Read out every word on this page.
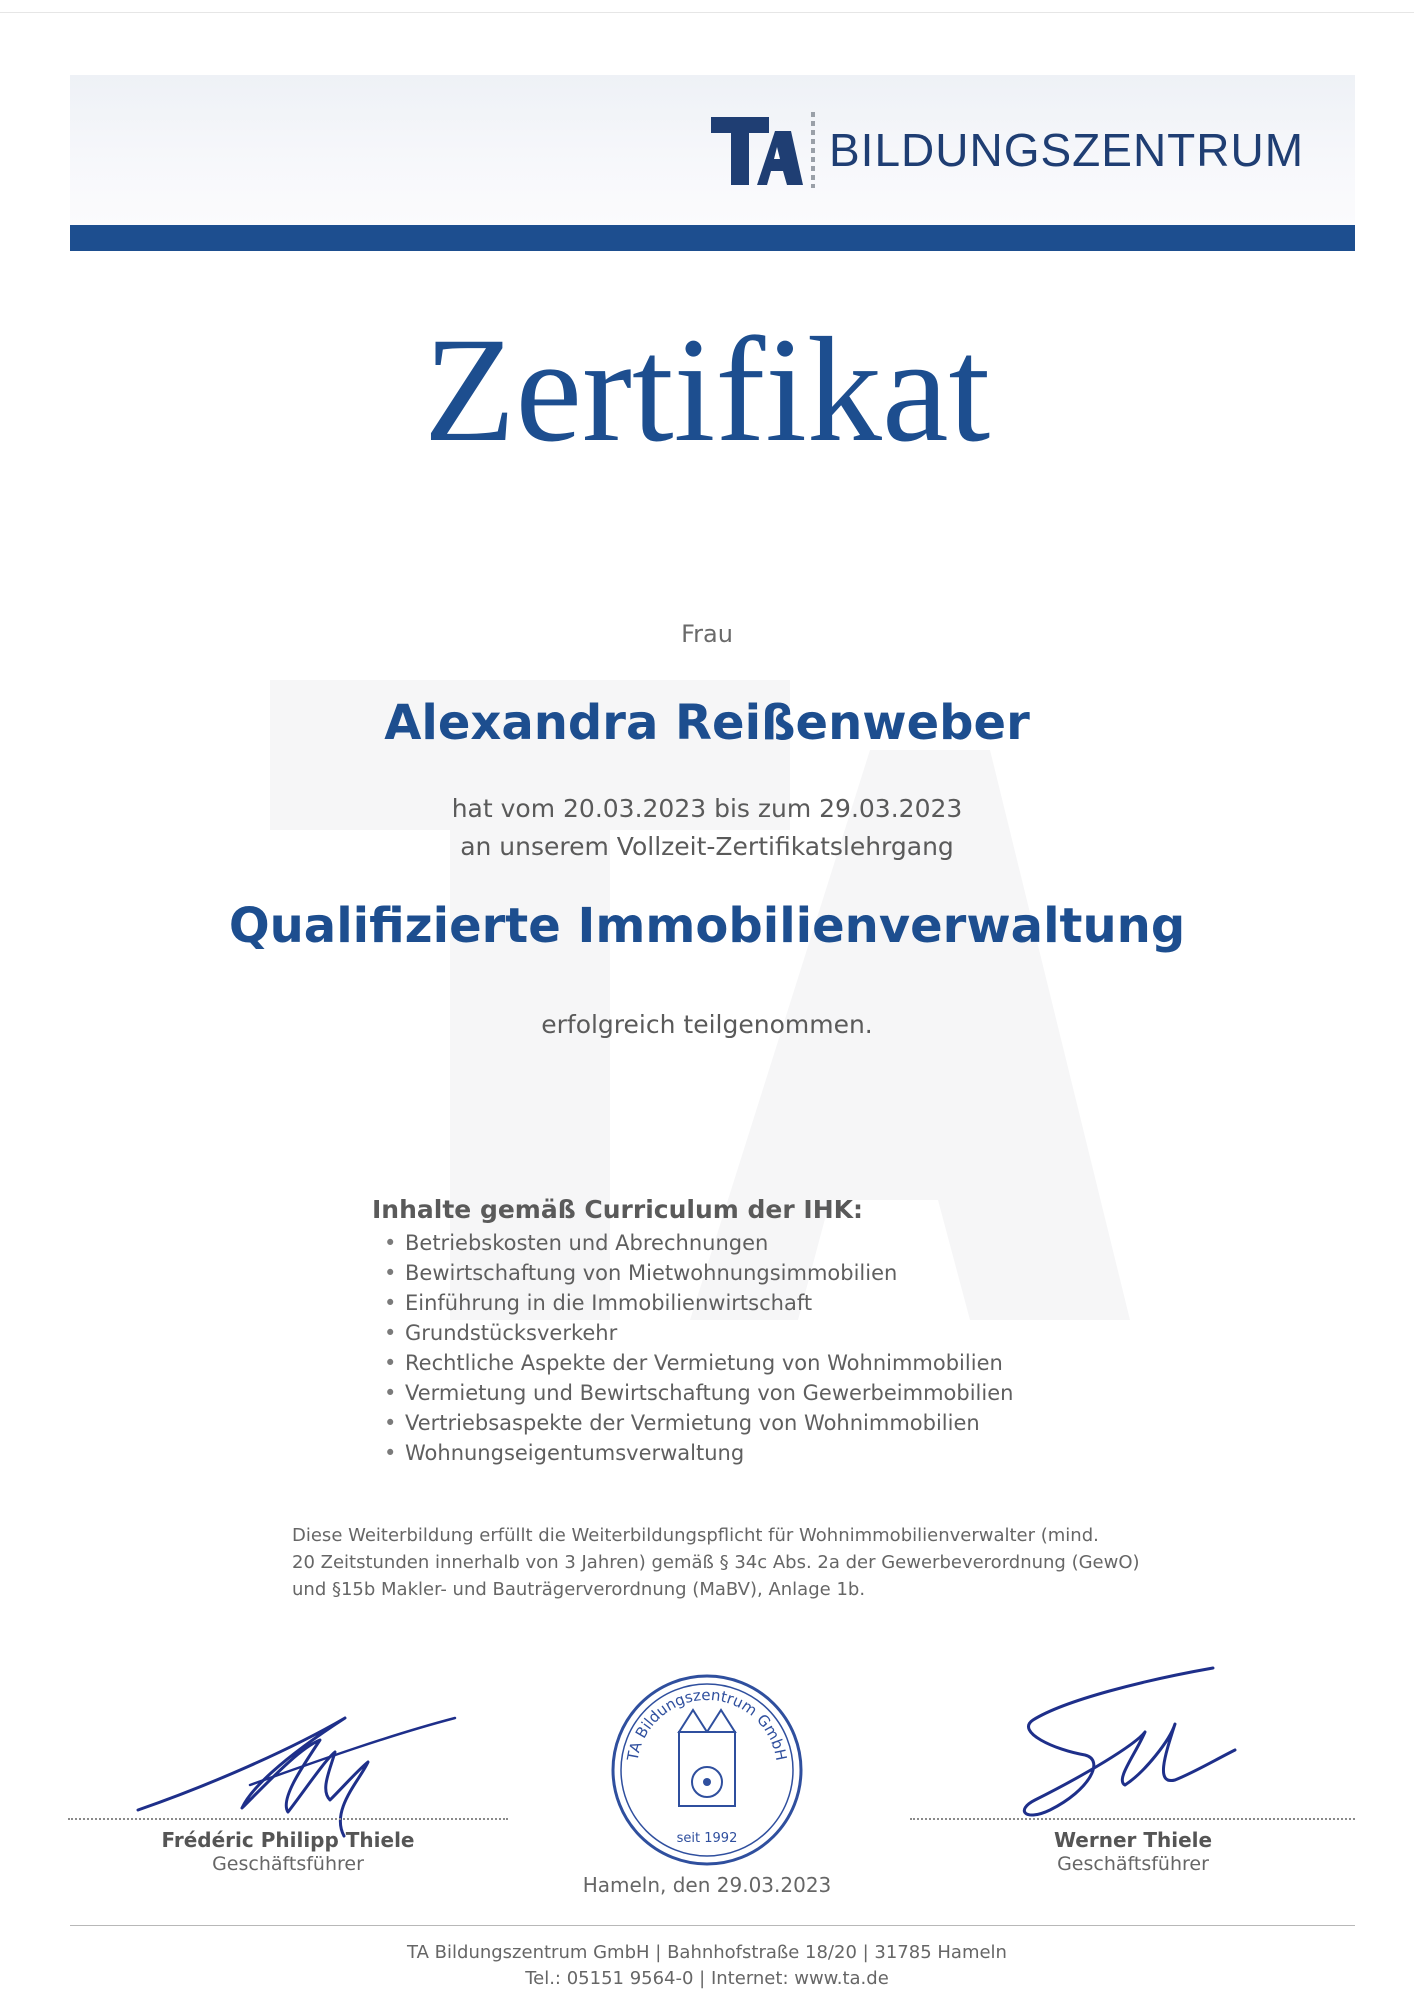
BILDUNGSZENTRUM
Zertifikat
Frau
Alexandra Reißenweber
hat vom 20.03.2023 bis zum 29.03.2023
an unserem Vollzeit-Zertifikatslehrgang
Qualifizierte Immobilienverwaltung
erfolgreich teilgenommen.
Inhalte gemäß Curriculum der IHK:
• Betriebskosten und Abrechnungen
• Bewirtschaftung von Mietwohnungsimmobilien
• Einführung in die Immobilienwirtschaft
• Grundstücksverkehr
• Rechtliche Aspekte der Vermietung von Wohnimmobilien
• Vermietung und Bewirtschaftung von Gewerbeimmobilien
• Vertriebsaspekte der Vermietung von Wohnimmobilien
• Wohnungseigentumsverwaltung
Diese Weiterbildung erfüllt die Weiterbildungspflicht für Wohnimmobilienverwalter (mind.
20 Zeitstunden innerhalb von 3 Jahren) gemäß § 34c Abs. 2a der Gewerbeverordnung (GewO)
und §15b Makler- und Bauträgerverordnung (MaBV), Anlage 1b.
Frédéric Philipp Thiele
Geschäftsführer
TA Bildungszentrum GmbH
seit 1992
Hameln, den 29.03.2023
Werner Thiele
Geschäftsführer
TA Bildungszentrum GmbH | Bahnhofstraße 18/20 | 31785 Hameln
Tel.: 05151 9564-0 | Internet: www.ta.de
